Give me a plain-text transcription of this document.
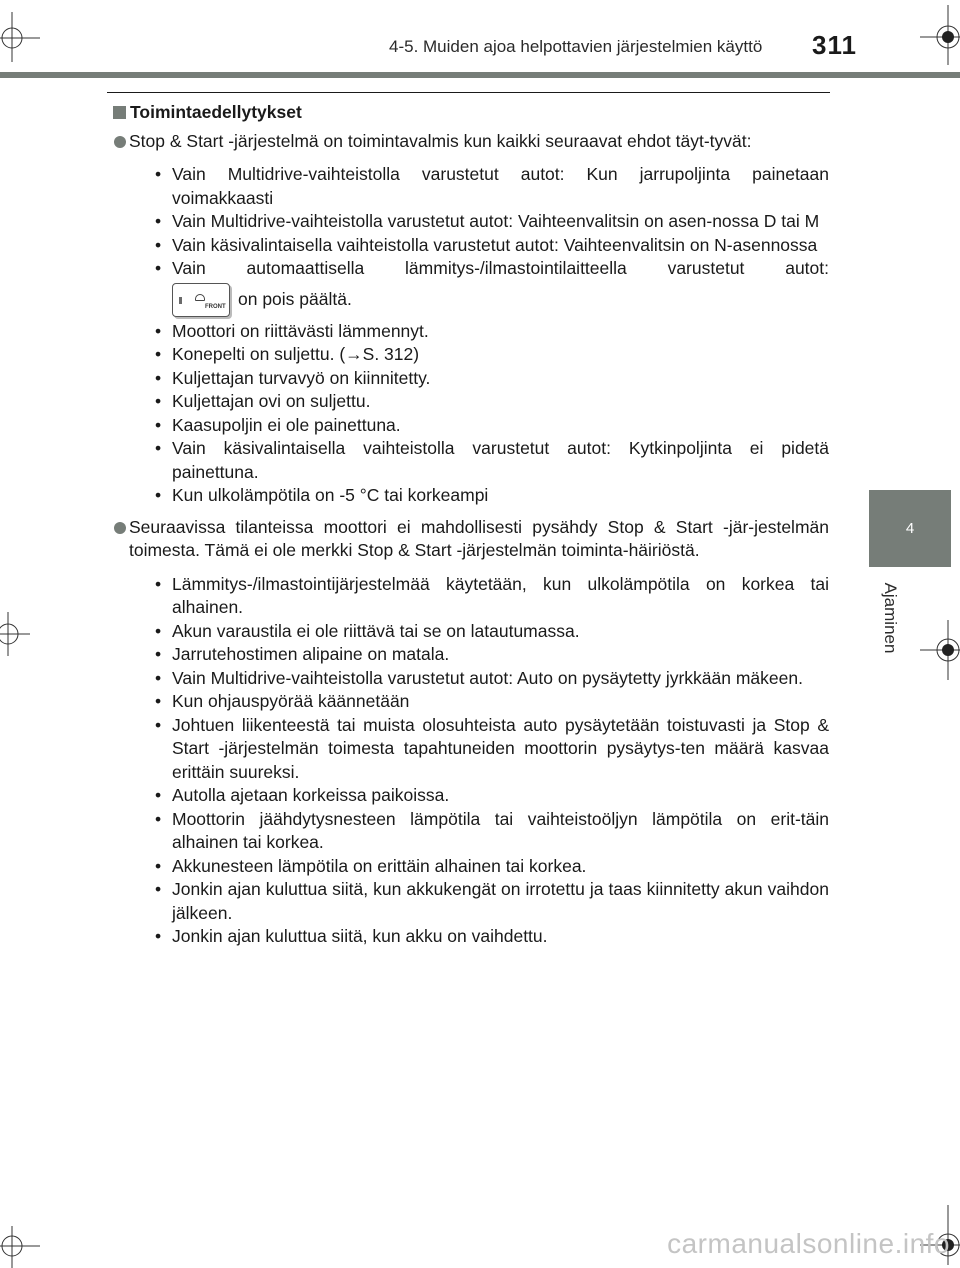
4-5. Muiden ajoa helpottavien järjestelmien käyttö 311
4
Ajaminen
Toimintaedellytykset
Stop & Start -järjestelmä on toimintavalmis kun kaikki seuraavat ehdot täyt-tyvät:
• Vain Multidrive-vaihteistolla varustetut autot: Kun jarrupoljinta painetaan voimakkaasti
• Vain Multidrive-vaihteistolla varustetut autot: Vaihteenvalitsin on asen-nossa D tai M
• Vain käsivalintaisella vaihteistolla varustetut autot: Vaihteenvalitsin on N-asennossa
• Vain automaattisella lämmitys-/ilmastointilaitteella varustetut autot:
FRONT on pois päältä.
• Moottori on riittävästi lämmennyt.
• Konepelti on suljettu. (→S. 312)
• Kuljettajan turvavyö on kiinnitetty.
• Kuljettajan ovi on suljettu.
• Kaasupoljin ei ole painettuna.
• Vain käsivalintaisella vaihteistolla varustetut autot: Kytkinpoljinta ei pidetä painettuna.
• Kun ulkolämpötila on -5 °C tai korkeampi
Seuraavissa tilanteissa moottori ei mahdollisesti pysähdy Stop & Start -jär-jestelmän toimesta. Tämä ei ole merkki Stop & Start -järjestelmän toiminta-häiriöstä.
• Lämmitys-/ilmastointijärjestelmää käytetään, kun ulkolämpötila on korkea tai alhainen.
• Akun varaustila ei ole riittävä tai se on latautumassa.
• Jarrutehostimen alipaine on matala.
• Vain Multidrive-vaihteistolla varustetut autot: Auto on pysäytetty jyrkkään mäkeen.
• Kun ohjauspyörää käännetään
• Johtuen liikenteestä tai muista olosuhteista auto pysäytetään toistuvasti ja Stop & Start -järjestelmän toimesta tapahtuneiden moottorin pysäytys-ten määrä kasvaa erittäin suureksi.
• Autolla ajetaan korkeissa paikoissa.
• Moottorin jäähdytysnesteen lämpötila tai vaihteistoöljyn lämpötila on erit-täin alhainen tai korkea.
• Akkunesteen lämpötila on erittäin alhainen tai korkea.
• Jonkin ajan kuluttua siitä, kun akkukengät on irrotettu ja taas kiinnitetty akun vaihdon jälkeen.
• Jonkin ajan kuluttua siitä, kun akku on vaihdettu.
carmanualsonline.info
